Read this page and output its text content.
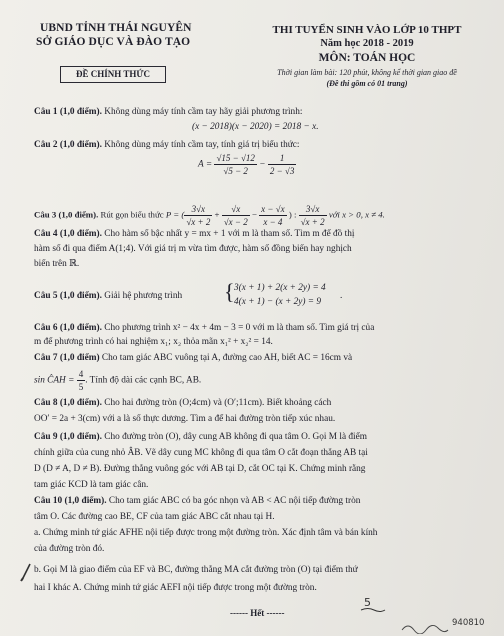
UBND TỈNH THÁI NGUYÊN
SỞ GIÁO DỤC VÀ ĐÀO TẠO
ĐỀ CHÍNH THỨC
THI TUYỂN SINH VÀO LỚP 10 THPT
Năm học 2018 - 2019
MÔN: TOÁN HỌC
Thời gian làm bài: 120 phút, không kể thời gian giao đề
(Đề thi gồm có 01 trang)
Câu 1 (1,0 điểm). Không dùng máy tính cầm tay hãy giải phương trình:
(x − 2018)(x − 2020) = 2018 − x.
Câu 2 (1,0 điểm). Không dùng máy tính cầm tay, tính giá trị biểu thức:
$A = \frac{√15 - √12}{√5 - 2} - \frac{1}{2 - √3}$
Câu 3 (1,0 điểm). Rút gọn biểu thức P = ( $\frac{3√x}{√x + 2} + \frac{√x}{√x - 2} - \frac{x - √x}{x - 4}$ ) : $\frac{3√x}{√x + 2}$ với x > 0, x ≠ 4.
Câu 4 (1,0 điểm). Cho hàm số bậc nhất y = mx + 1 với m là tham số. Tìm m để đồ thị
hàm số đi qua điểm A(1;4). Với giá trị m vừa tìm được, hàm số đồng biến hay nghịch
biến trên ℝ.
Câu 5 (1,0 điểm). Giải hệ phương trình { 3(x + 1) + 2(x + 2y) = 4
4(x + 1) − (x + 2y) = 9
.
Câu 6 (1,0 điểm). Cho phương trình x² − 4x + 4m − 3 = 0 với m là tham số. Tìm giá trị của
m để phương trình có hai nghiệm x₁; x₂ thỏa mãn x₁² + x₂² = 14.
Câu 7 (1,0 điểm) Cho tam giác ABC vuông tại A, đường cao AH, biết AC = 16cm và
sin ĈAH = $\frac{4}{5}$ . Tính độ dài các cạnh BC, AB.
Câu 8 (1,0 điểm). Cho hai đường tròn (O;4cm) và (O′;11cm). Biết khoảng cách
OO′ = 2a + 3(cm) với a là số thực dương. Tìm a để hai đường tròn tiếp xúc nhau.
Câu 9 (1,0 điểm). Cho đường tròn (O), dây cung AB không đi qua tâm O. Gọi M là điểm
chính giữa của cung nhỏ ÂB. Vẽ dây cung MC không đi qua tâm O cắt đoạn thẳng AB tại
D (D ≠ A, D ≠ B). Đường thẳng vuông góc với AB tại D, cắt OC tại K. Chứng minh rằng
tam giác KCD là tam giác cân.
Câu 10 (1,0 điểm). Cho tam giác ABC có ba góc nhọn và AB < AC nội tiếp đường tròn
tâm O. Các đường cao BE, CF của tam giác ABC cắt nhau tại H.
a. Chứng minh tứ giác AFHE nội tiếp được trong một đường tròn. Xác định tâm và bán kính
của đường tròn đó.
b. Gọi M là giao điểm của EF và BC, đường thẳng MA cắt đường tròn (O) tại điểm thứ
hai I khác A. Chứng minh tứ giác AEFI nội tiếp được trong một đường tròn.
------ Hết ------
5
940810
